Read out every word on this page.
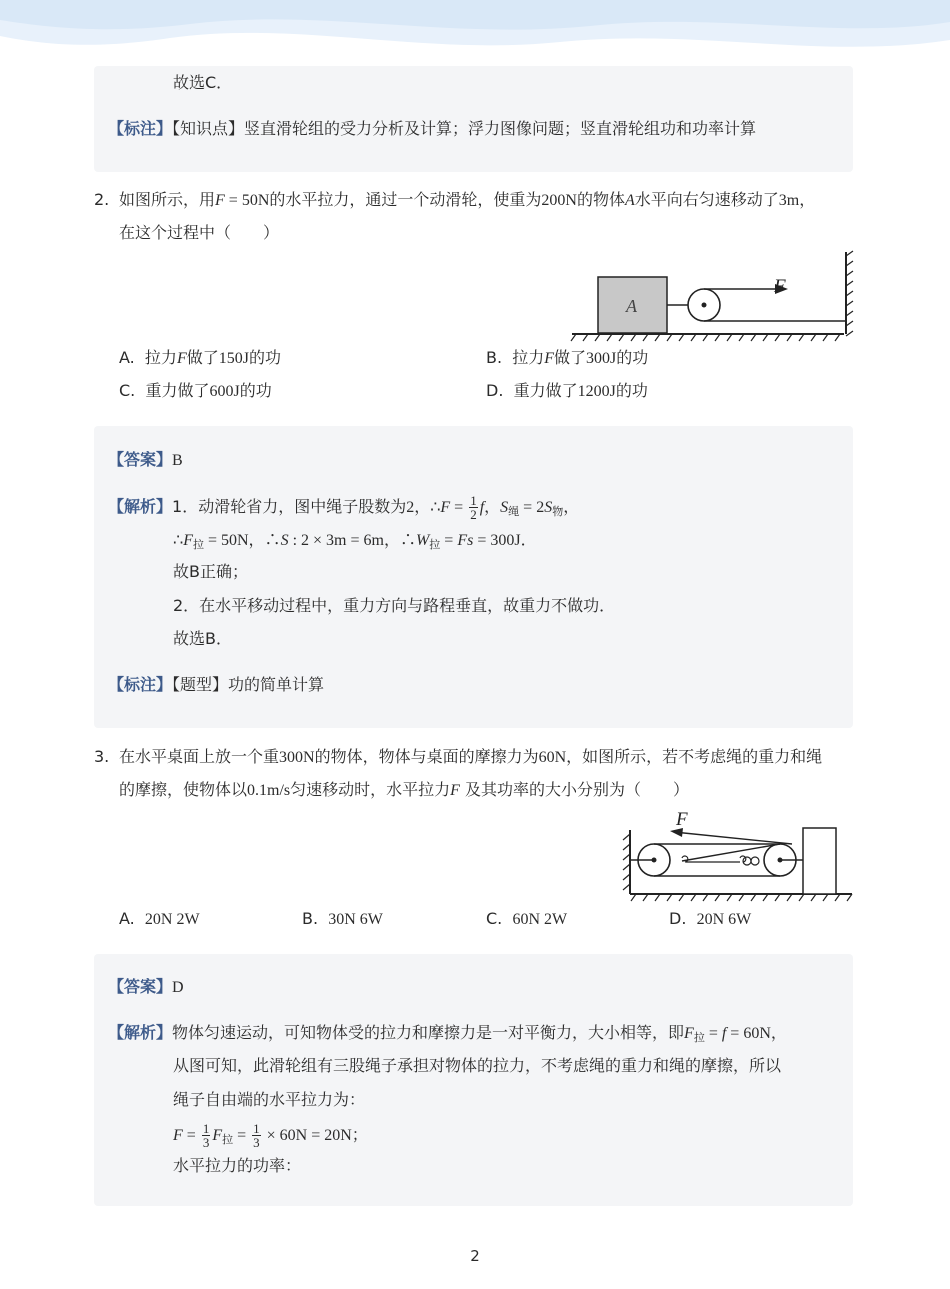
故选C．
【标注】【知识点】竖直滑轮组的受力分析及计算；浮力图像问题；竖直滑轮组功和功率计算
2. 如图所示，用F = 50N的水平拉力，通过一个动滑轮，使重为200N的物体A水平向右匀速移动了3m，
在这个过程中（　　）
A
F
A. 拉力F做了150J的功	B. 拉力F做了300J的功
C. 重力做了600J的功	D. 重力做了1200J的功
【答案】B
【解析】1．动滑轮省力，图中绳子股数为2，∴F = $\frac{1}{2}$ f，$S_绳 = 2S_物$，
$\therefore F_拉 = 50N$，∴S : 2 × 3m = 6m，$\therefore W_拉 = Fs = 300J$．
故B正确；
2．在水平移动过程中，重力方向与路程垂直，故重力不做功．
故选B．
【标注】【题型】功的简单计算
3. 在水平桌面上放一个重300N的物体，物体与桌面的摩擦力为60N，如图所示，若不考虑绳的重力和绳
的摩擦，使物体以0.1m/s匀速移动时，水平拉力F 及其功率的大小分别为（　　）
F
A. 20N 2W	B. 30N 6W	C. 60N 2W	D. 20N 6W
【答案】D
【解析】物体匀速运动，可知物体受的拉力和摩擦力是一对平衡力，大小相等，即$F_拉 = f = 60N$，
从图可知，此滑轮组有三股绳子承担对物体的拉力，不考虑绳的重力和绳的摩擦，所以
绳子自由端的水平拉力为：
$F = \frac{1}{3} F_拉 = \frac{1}{3} \times 60N = 20N$；
水平拉力的功率：
2
